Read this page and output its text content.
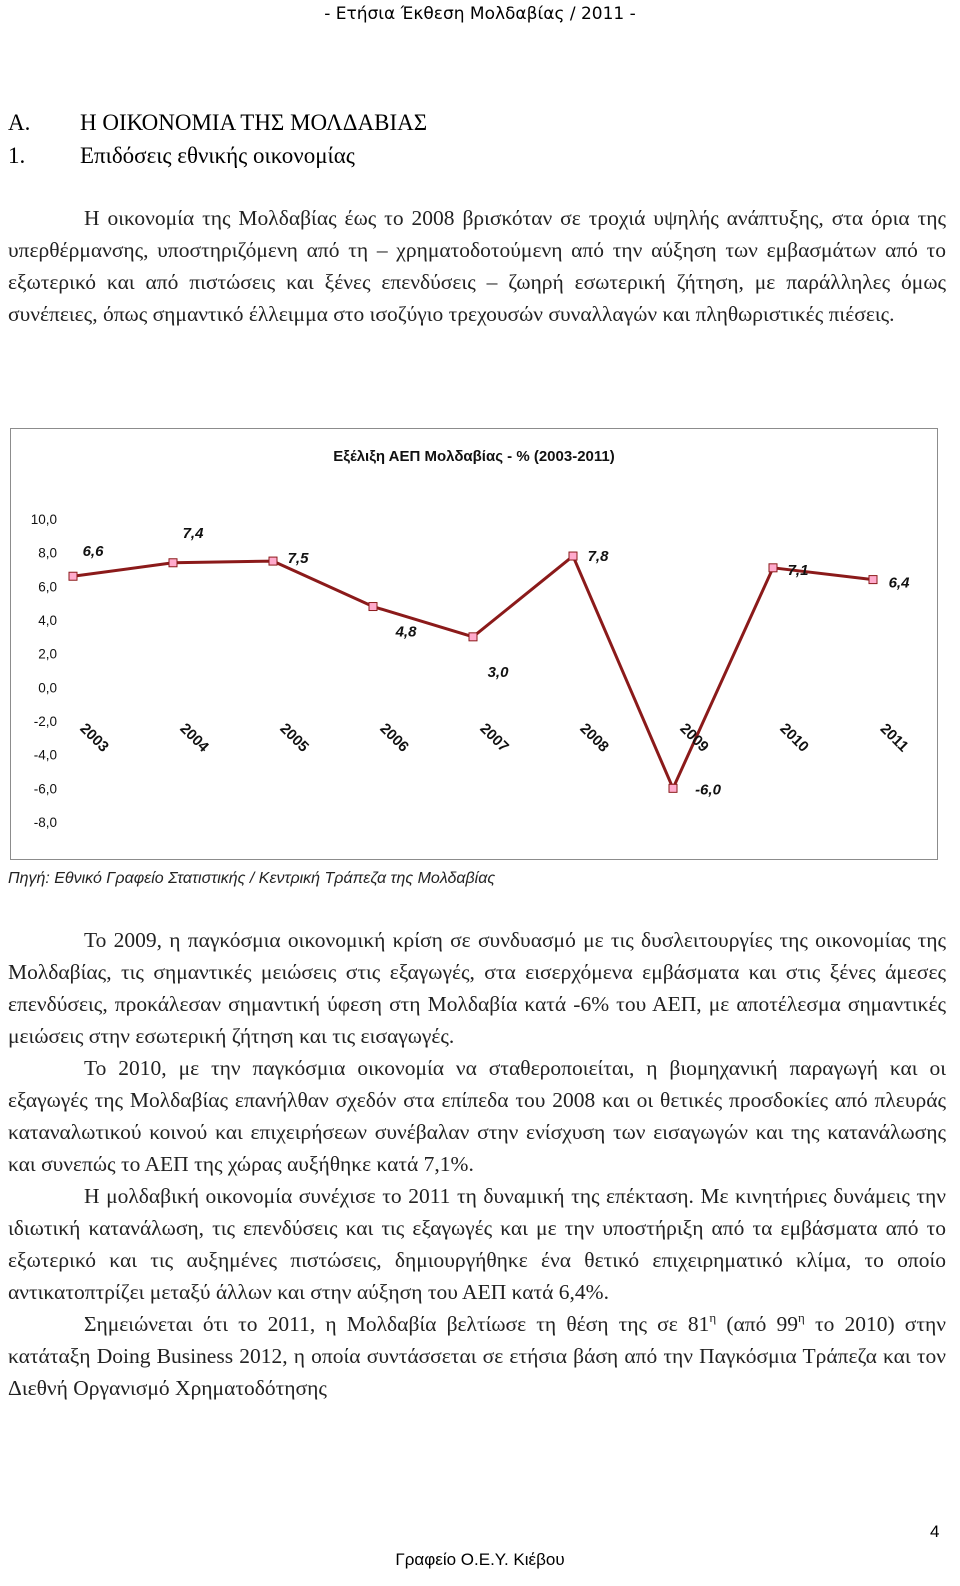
- Ετήσια Έκθεση Μολδαβίας / 2011 -
Α. Η ΟΙΚΟΝΟΜΙΑ ΤΗΣ ΜΟΛΔΑΒΙΑΣ
1. Επιδόσεις εθνικής οικονομίας

Η οικονομία της Μολδαβίας έως το 2008 βρισκόταν σε τροχιά υψηλής ανάπτυξης, στα όρια της υπερθέρμανσης, υποστηριζόμενη από τη – χρηματοδοτούμενη από την αύξηση των εμβασμάτων από το εξωτερικό και από πιστώσεις και ξένες επενδύσεις – ζωηρή εσωτερική ζήτηση, με παράλληλες όμως συνέπειες, όπως σημαντικό έλλειμμα στο ισοζύγιο τρεχουσών συναλλαγών και πληθωριστικές πιέσεις.

Εξέλιξη ΑΕΠ Μολδαβίας - % (2003-2011)
10,0
8,0
6,0
4,0
2,0
0,0
-2,0
-4,0
-6,0
-8,0
6,6
7,4
7,5
4,8
3,0
7,8
-6,0
7,1
6,4
2003	2004	2005	2006	2007	2008	2009	2010	2011
Πηγή: Εθνικό Γραφείο Στατιστικής / Κεντρική Τράπεζα της Μολδαβίας

Το 2009, η παγκόσμια οικονομική κρίση σε συνδυασμό με τις δυσλειτουργίες της οικονομίας της Μολδαβίας, τις σημαντικές μειώσεις στις εξαγωγές, στα εισερχόμενα εμβάσματα και στις ξένες άμεσες επενδύσεις, προκάλεσαν σημαντική ύφεση στη Μολδαβία κατά -6% του ΑΕΠ, με αποτέλεσμα σημαντικές μειώσεις στην εσωτερική ζήτηση και τις εισαγωγές.

Το 2010, με την παγκόσμια οικονομία να σταθεροποιείται, η βιομηχανική παραγωγή και οι εξαγωγές της Μολδαβίας επανήλθαν σχεδόν στα επίπεδα του 2008 και οι θετικές προσδοκίες από πλευράς καταναλωτικού κοινού και επιχειρήσεων συνέβαλαν στην ενίσχυση των εισαγωγών και της κατανάλωσης και συνεπώς το ΑΕΠ της χώρας αυξήθηκε κατά 7,1%.

Η μολδαβική οικονομία συνέχισε το 2011 τη δυναμική της επέκταση. Με κινητήριες δυνάμεις την ιδιωτική κατανάλωση, τις επενδύσεις και τις εξαγωγές και με την υποστήριξη από τα εμβάσματα από το εξωτερικό και τις αυξημένες πιστώσεις, δημιουργήθηκε ένα θετικό επιχειρηματικό κλίμα, το οποίο αντικατοπτρίζει μεταξύ άλλων και στην αύξηση του ΑΕΠ κατά 6,4%.

Σημειώνεται ότι το 2011, η Μολδαβία βελτίωσε τη θέση της σε $81^\eta$ (από $99^\eta$ το 2010) στην κατάταξη Doing Business 2012, η οποία συντάσσεται σε ετήσια βάση από την Παγκόσμια Τράπεζα και τον Διεθνή Οργανισμό Χρηματοδότησης

4
Γραφείο Ο.Ε.Υ. Κιέβου
